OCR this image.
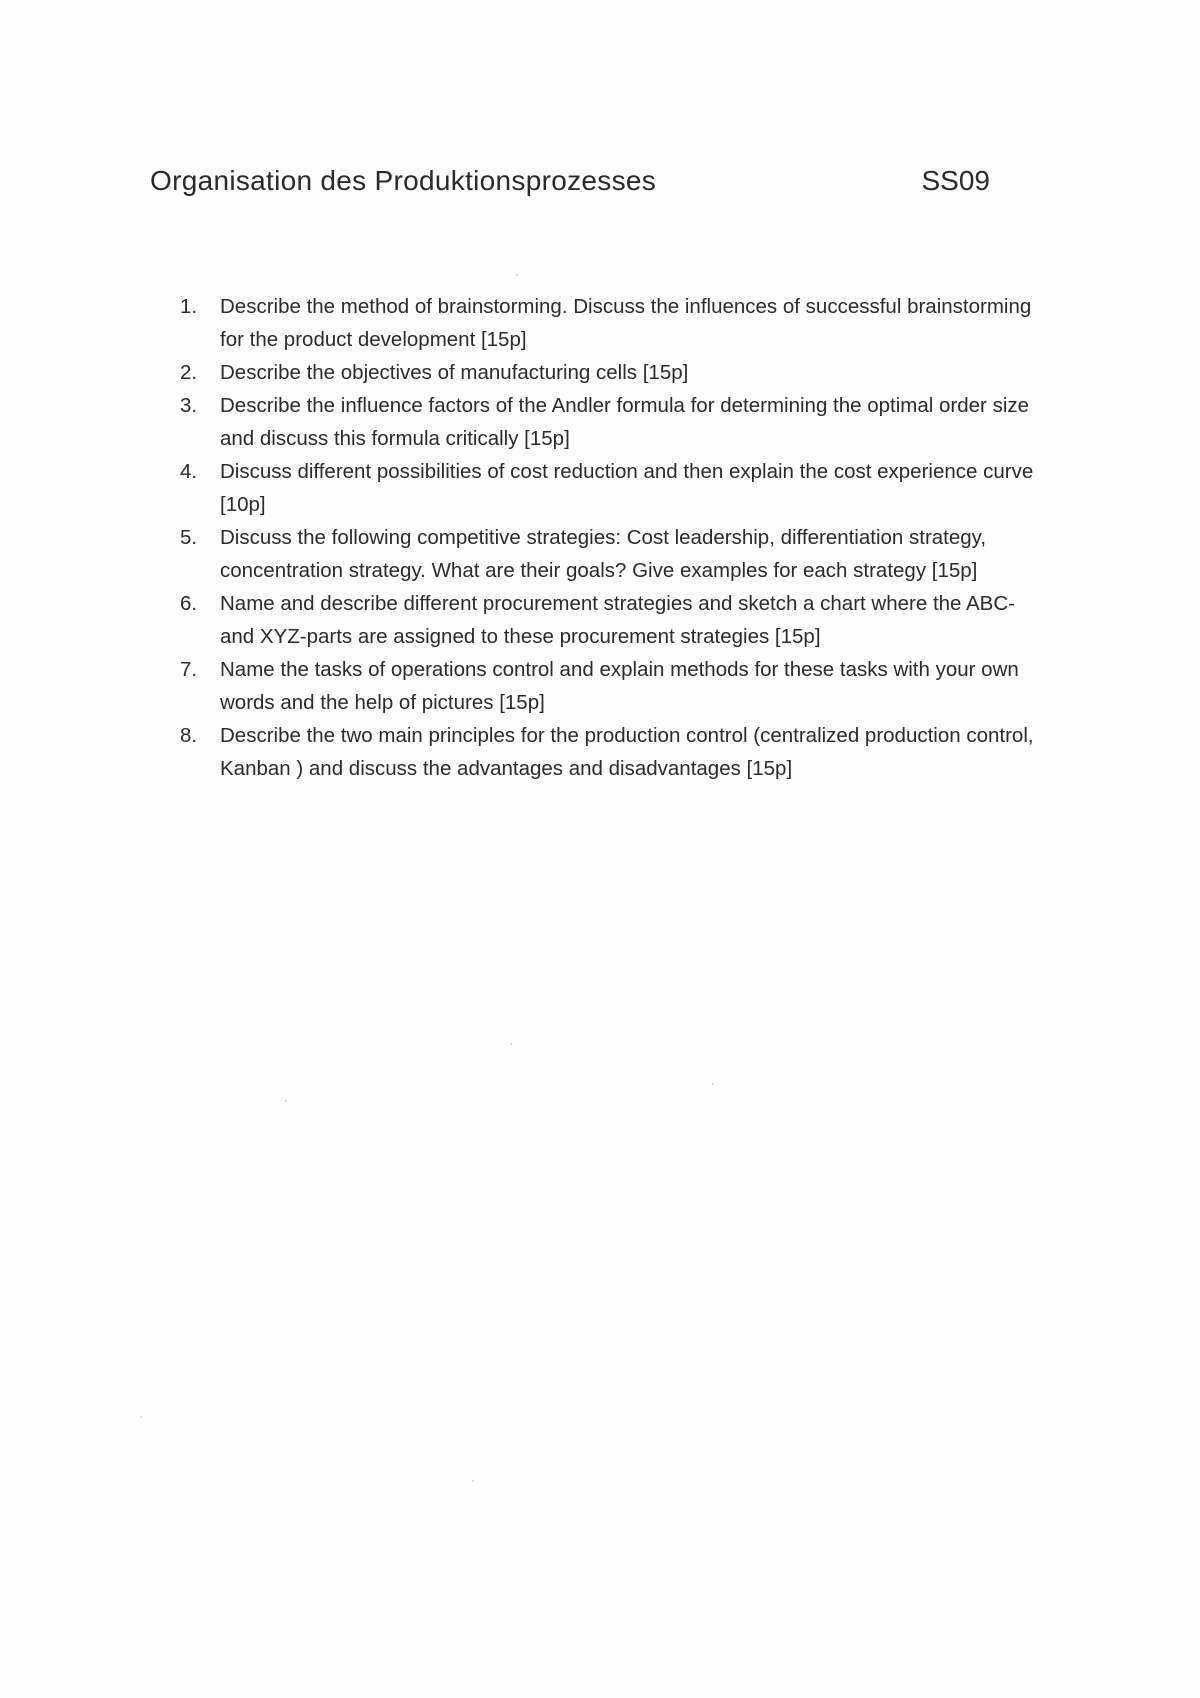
Organisation des Produktionsprozesses	SS09
1.	Describe the method of brainstorming. Discuss the influences of successful brainstorming for the product development [15p]
2.	Describe the objectives of manufacturing cells [15p]
3.	Describe the influence factors of the Andler formula for determining the optimal order size and discuss this formula critically [15p]
4.	Discuss different possibilities of cost reduction and then explain the cost experience curve [10p]
5.	Discuss the following competitive strategies: Cost leadership, differentiation strategy, concentration strategy. What are their goals? Give examples for each strategy [15p]
6.	Name and describe different procurement strategies and sketch a chart where the ABC- and XYZ-parts are assigned to these procurement strategies [15p]
7.	Name the tasks of operations control and explain methods for these tasks with your own words and the help of pictures [15p]
8.	Describe the two main principles for the production control (centralized production control, Kanban ) and discuss the advantages and disadvantages [15p]
